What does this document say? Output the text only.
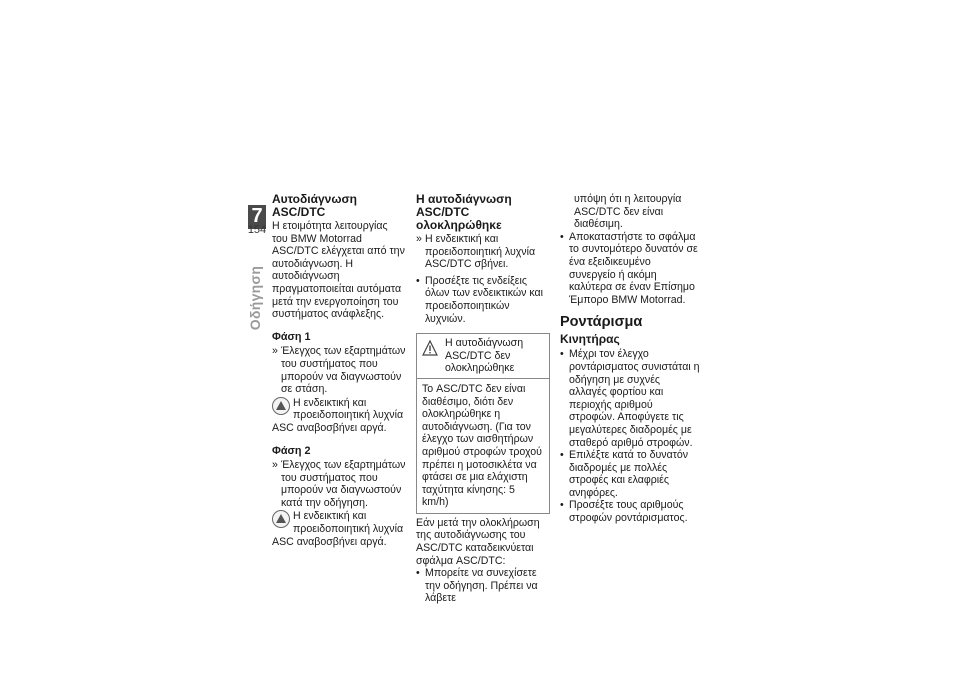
7
154
Οδήγηση
Αυτοδιάγνωση ASC/DTC

Η ετοιμότητα λειτουργίας του BMW Motorrad ASC/DTC ελέγχεται από την αυτοδιάγνωση. Η αυτοδιάγνωση πραγματοποιείται αυτόματα μετά την ενεργοποίηση του συστήματος ανάφλεξης.

Φάση 1

» Έλεγχος των εξαρτημάτων του συστήματος που μπορούν να διαγνωστούν σε στάση.

Η ενδεικτική και προειδοποιητική λυχνία ASC αναβοσβήνει αργά.
Φάση 2

» Έλεγχος των εξαρτημάτων του συστήματος που μπορούν να διαγνωστούν κατά την οδήγηση.

Η ενδεικτική και προειδοποιητική λυχνία ASC αναβοσβήνει αργά.
Η αυτοδιάγνωση ASC/DTC ολοκληρώθηκε

» Η ενδεικτική και προειδοποιητική λυχνία ASC/DTC σβήνει.

• Προσέξτε τις ενδείξεις όλων των ενδεικτικών και προειδοποιητικών λυχνιών.

Η αυτοδιάγνωση ASC/DTC δεν ολοκληρώθηκε
Το ASC/DTC δεν είναι διαθέσιμο, διότι δεν ολοκληρώθηκε η αυτοδιάγνωση. (Για τον έλεγχο των αισθητήρων αριθμού στροφών τροχού πρέπει η μοτοσικλέτα να φτάσει σε μια ελάχιστη ταχύτητα κίνησης: 5 km/h)

Εάν μετά την ολοκλήρωση της αυτοδιάγνωσης του ASC/DTC καταδεικνύεται σφάλμα ASC/DTC:

• Μπορείτε να συνεχίσετε την οδήγηση. Πρέπει να λάβετε

υπόψη ότι η λειτουργία ASC/DTC δεν είναι διαθέσιμη.

• Αποκαταστήστε το σφάλμα το συντομότερο δυνατόν σε ένα εξειδικευμένο συνεργείο ή ακόμη καλύτερα σε έναν Επίσημο Έμπορο BMW Motorrad.

Ροντάρισμα
Κινητήρας

• Μέχρι τον έλεγχο ροντάρισματος συνιστάται η οδήγηση με συχνές αλλαγές φορτίου και περιοχής αριθμού στροφών. Αποφύγετε τις μεγαλύτερες διαδρομές με σταθερό αριθμό στροφών.

• Επιλέξτε κατά το δυνατόν διαδρομές με πολλές στροφές και ελαφριές ανηφόρες.

• Προσέξτε τους αριθμούς στροφών ροντάρισματος.
